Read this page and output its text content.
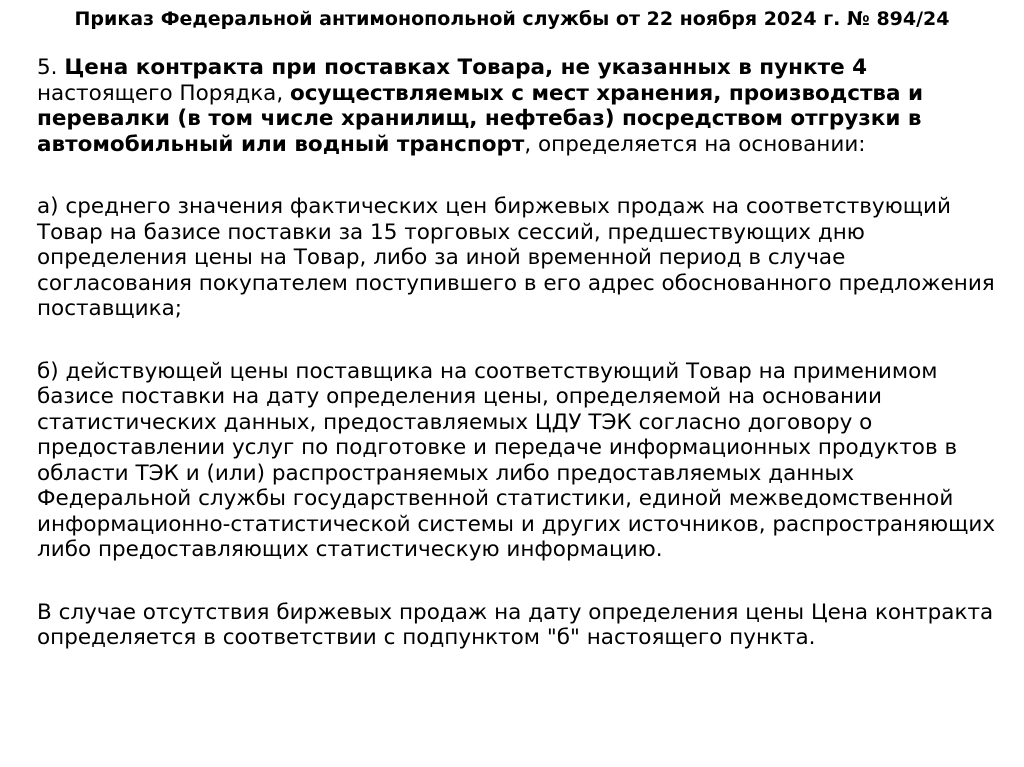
Приказ Федеральной антимонопольной службы от 22 ноября 2024 г. № 894/24

5. Цена контракта при поставках Товара, не указанных в пункте 4 настоящего Порядка, осуществляемых с мест хранения, производства и перевалки (в том числе хранилищ, нефтебаз) посредством отгрузки в автомобильный или водный транспорт, определяется на основании:

а) среднего значения фактических цен биржевых продаж на соответствующий Товар на базисе поставки за 15 торговых сессий, предшествующих дню определения цены на Товар, либо за иной временной период в случае согласования покупателем поступившего в его адрес обоснованного предложения поставщика;

б) действующей цены поставщика на соответствующий Товар на применимом базисе поставки на дату определения цены, определяемой на основании статистических данных, предоставляемых ЦДУ ТЭК согласно договору о предоставлении услуг по подготовке и передаче информационных продуктов в области ТЭК и (или) распространяемых либо предоставляемых данных Федеральной службы государственной статистики, единой межведомственной информационно-статистической системы и других источников, распространяющих либо предоставляющих статистическую информацию.

В случае отсутствия биржевых продаж на дату определения цены Цена контракта определяется в соответствии с подпунктом "б" настоящего пункта.
